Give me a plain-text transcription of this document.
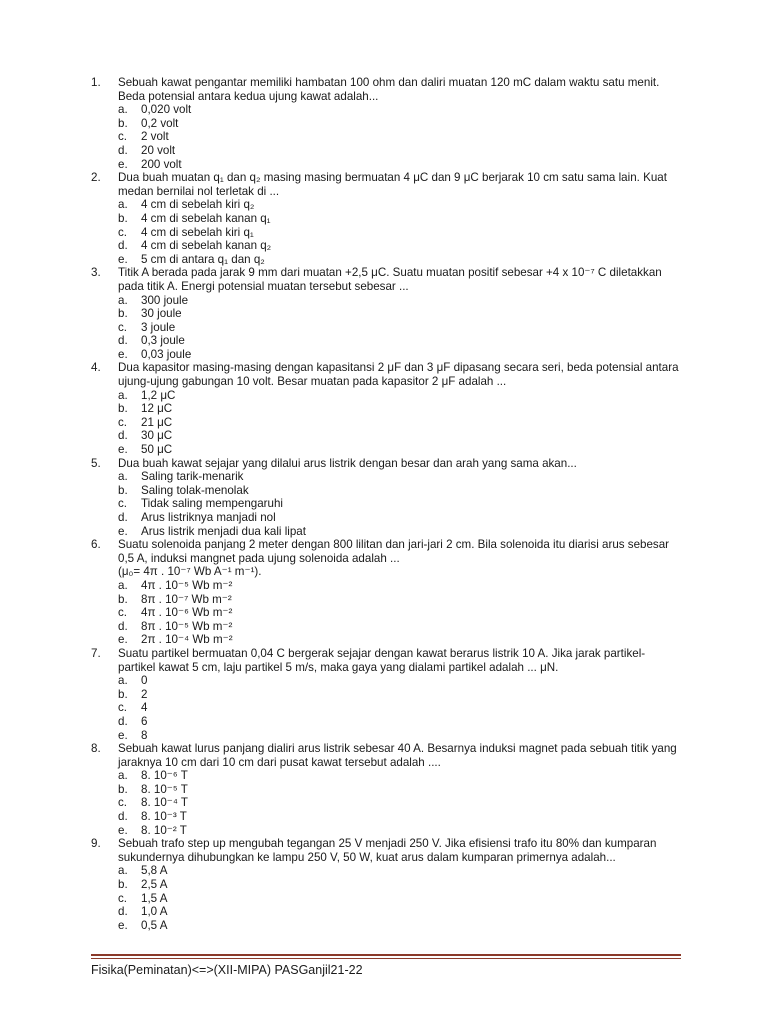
1.	Sebuah kawat pengantar memiliki hambatan 100 ohm dan daliri muatan 120 mC dalam waktu satu menit. Beda potensial antara kedua ujung kawat adalah...
a.	0,020 volt
b.	0,2 volt
c.	2 volt
d.	20 volt
e.	200 volt
2.	Dua buah muatan q₁ dan q₂ masing masing bermuatan 4 μC dan 9 μC berjarak 10 cm satu sama lain. Kuat medan bernilai nol terletak di ...
a.	4 cm di sebelah kiri q₂
b.	4 cm di sebelah kanan q₁
c.	4 cm di sebelah kiri q₁
d.	4 cm di sebelah kanan q₂
e.	5 cm di antara q₁ dan q₂
3.	Titik A berada pada jarak 9 mm dari muatan +2,5 μC. Suatu muatan positif sebesar +4 x 10⁻⁷ C diletakkan pada titik A. Energi potensial muatan tersebut sebesar ...
a.	300 joule
b.	30 joule
c.	3 joule
d.	0,3 joule
e.	0,03 joule
4.	Dua kapasitor masing-masing dengan kapasitansi 2 μF dan 3 μF dipasang secara seri, beda potensial antara ujung-ujung gabungan 10 volt. Besar muatan pada kapasitor 2 μF adalah ...
a.	1,2 μC
b.	12 μC
c.	21 μC
d.	30 μC
e.	50 μC
5.	Dua buah kawat sejajar yang dilalui arus listrik dengan besar dan arah yang sama akan...
a.	Saling tarik-menarik
b.	Saling tolak-menolak
c.	Tidak saling mempengaruhi
d.	Arus listriknya manjadi nol
e.	Arus listrik menjadi dua kali lipat
6.	Suatu solenoida panjang 2 meter dengan 800 lilitan dan jari-jari 2 cm. Bila solenoida itu diarisi arus sebesar 0,5 A, induksi mangnet pada ujung solenoida adalah ...
(μ₀= 4π . 10⁻⁷ Wb A⁻¹ m⁻¹).
a.	4π . 10⁻⁵ Wb m⁻²
b.	8π . 10⁻⁷ Wb m⁻²
c.	4π . 10⁻⁶ Wb m⁻²
d.	8π . 10⁻⁵ Wb m⁻²
e.	2π . 10⁻⁴ Wb m⁻²
7.	Suatu partikel bermuatan 0,04 C bergerak sejajar dengan kawat berarus listrik 10 A. Jika jarak partikel-partikel kawat 5 cm, laju partikel 5 m/s, maka gaya yang dialami partikel adalah ... μN.
a.	0
b.	2
c.	4
d.	6
e.	8
8.	Sebuah kawat lurus panjang dialiri arus listrik sebesar 40 A. Besarnya induksi magnet pada sebuah titik yang jaraknya 10 cm dari 10 cm dari pusat kawat tersebut adalah ....
a.	8. 10⁻⁶ T
b.	8. 10⁻⁵ T
c.	8. 10⁻⁴ T
d.	8. 10⁻³ T
e.	8. 10⁻² T
9.	Sebuah trafo step up mengubah tegangan 25 V menjadi 250 V. Jika efisiensi trafo itu 80% dan kumparan sukundernya dihubungkan ke lampu 250 V, 50 W, kuat arus dalam kumparan primernya adalah...
a.	5,8 A
b.	2,5 A
c.	1,5 A
d.	1,0 A
e.	0,5 A
Fisika(Peminatan)<=>(XII-MIPA) PASGanjil21-22
